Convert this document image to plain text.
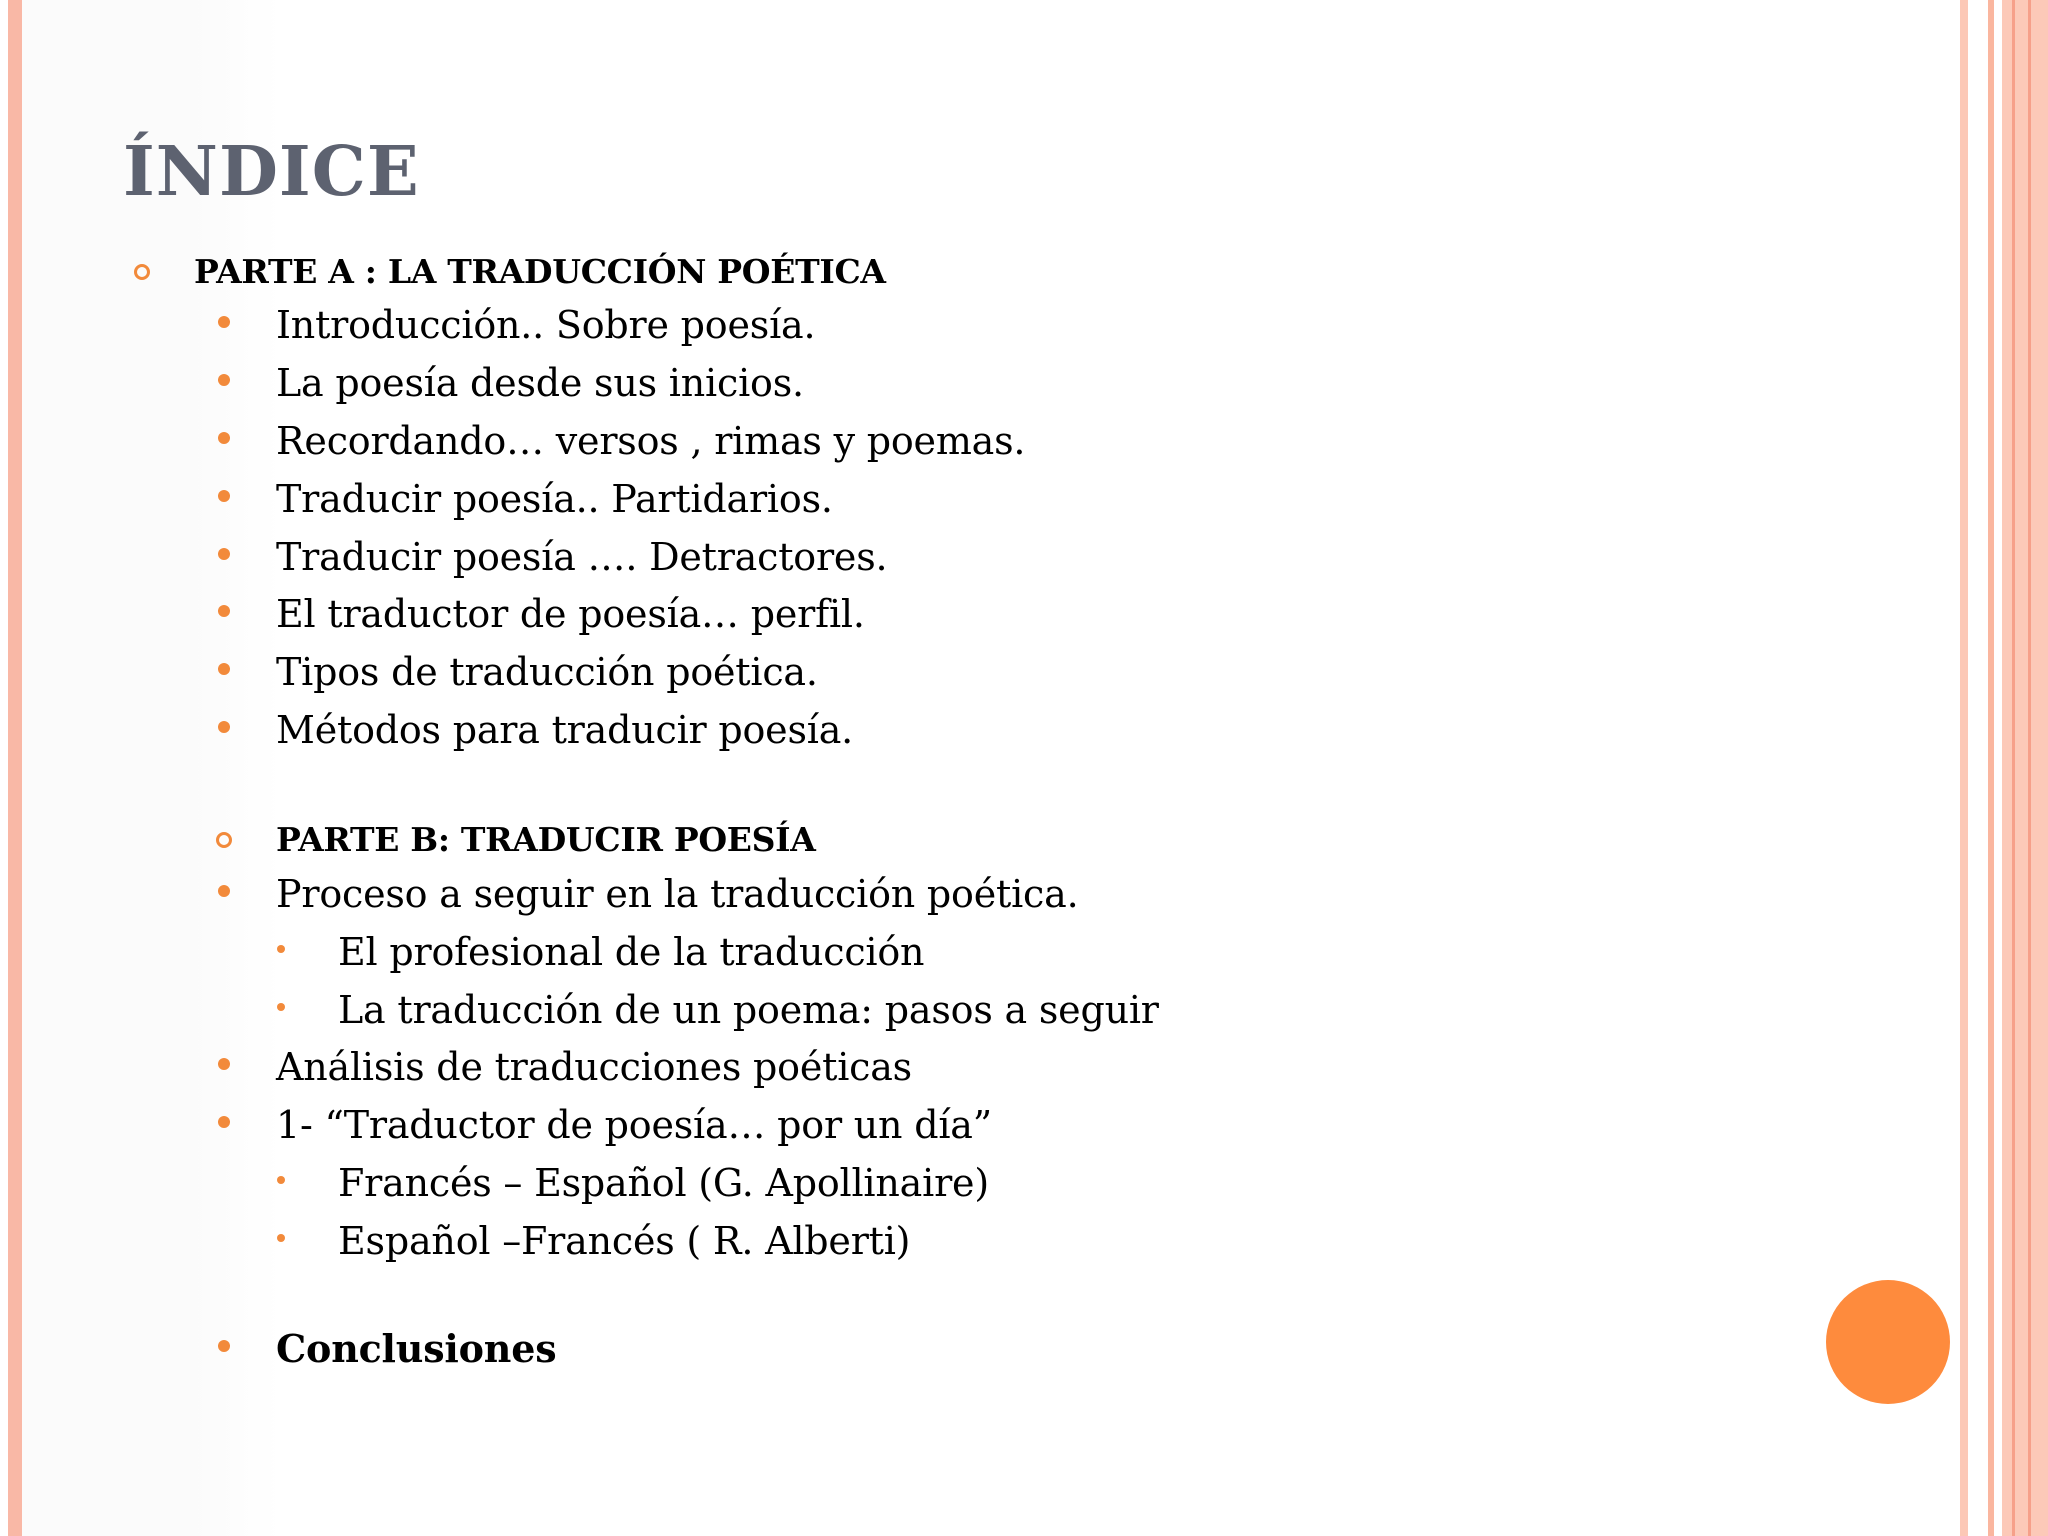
ÍNDICE
PARTE A : LA TRADUCCIÓN POÉTICA
Introducción.. Sobre poesía.
La poesía desde sus inicios.
Recordando… versos , rimas y poemas.
Traducir poesía.. Partidarios.
Traducir poesía …. Detractores.
El traductor de poesía… perfil.
Tipos de traducción poética.
Métodos para traducir poesía.
PARTE B: TRADUCIR POESÍA
Proceso a seguir en la traducción poética.
El profesional de la traducción
La traducción de un poema: pasos a seguir
Análisis de traducciones poéticas
1- “Traductor de poesía… por un día”
Francés – Español (G. Apollinaire)
Español –Francés ( R. Alberti)
Conclusiones
